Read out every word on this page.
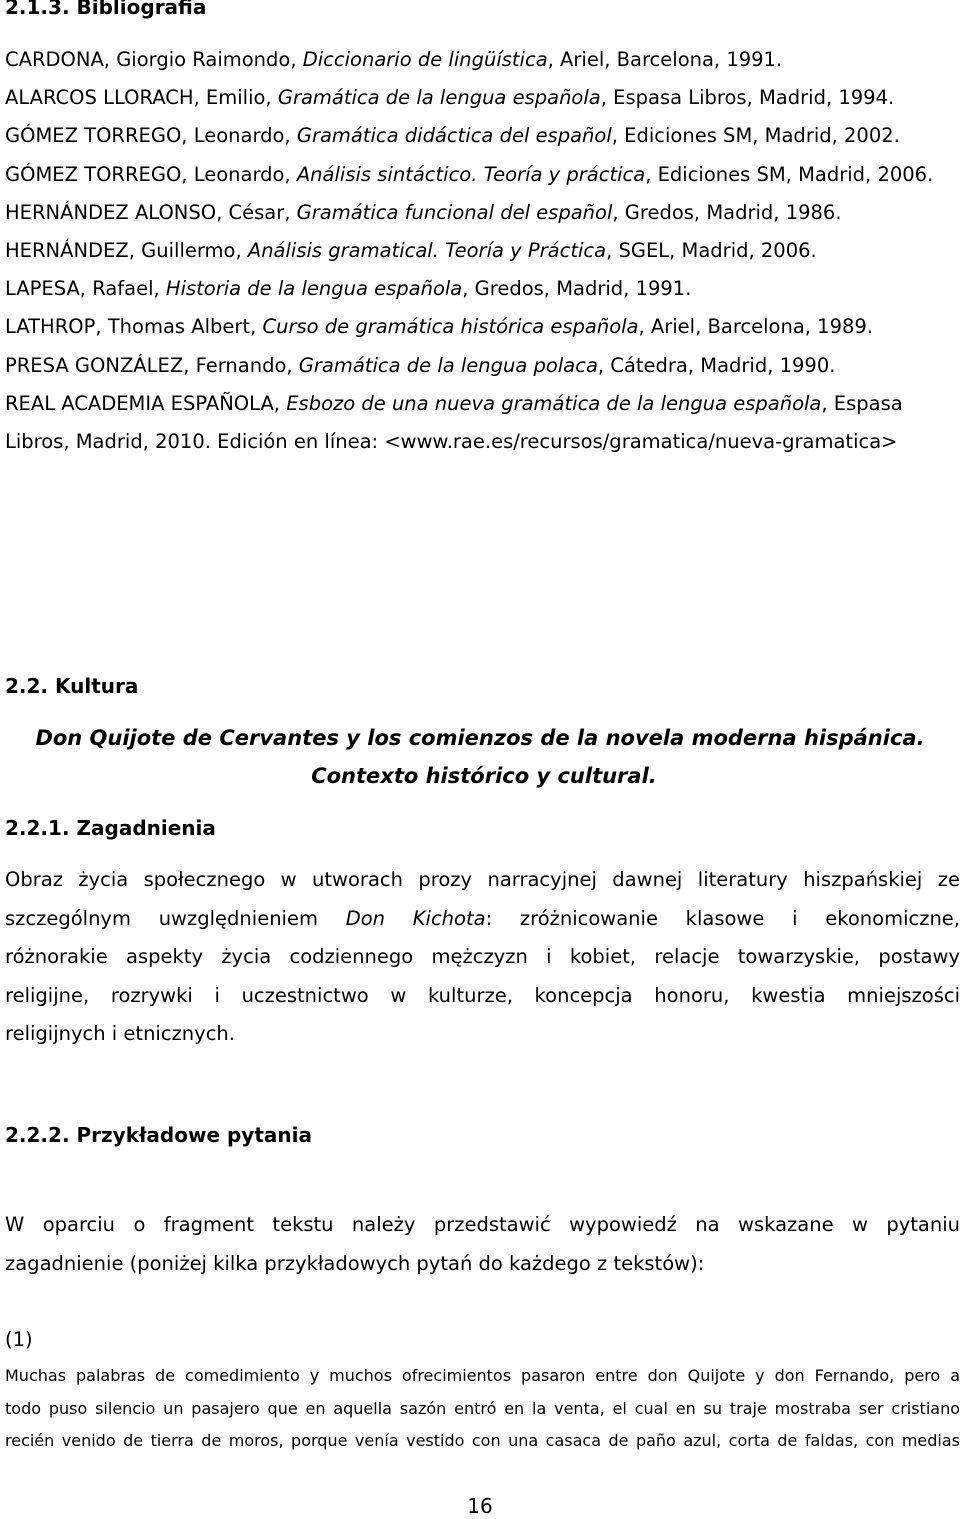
2.1.3. Bibliografia
CARDONA, Giorgio Raimondo, Diccionario de lingüística, Ariel, Barcelona, 1991.
ALARCOS LLORACH, Emilio, Gramática de la lengua española, Espasa Libros, Madrid, 1994.
GÓMEZ TORREGO, Leonardo, Gramática didáctica del español, Ediciones SM, Madrid, 2002.
GÓMEZ TORREGO, Leonardo, Análisis sintáctico. Teoría y práctica, Ediciones SM, Madrid, 2006.
HERNÁNDEZ ALONSO, César, Gramática funcional del español, Gredos, Madrid, 1986.
HERNÁNDEZ, Guillermo, Análisis gramatical. Teoría y Práctica, SGEL, Madrid, 2006.
LAPESA, Rafael, Historia de la lengua española, Gredos, Madrid, 1991.
LATHROP, Thomas Albert, Curso de gramática histórica española, Ariel, Barcelona, 1989.
PRESA GONZÁLEZ, Fernando, Gramática de la lengua polaca, Cátedra, Madrid, 1990.
REAL ACADEMIA ESPAÑOLA, Esbozo de una nueva gramática de la lengua española, Espasa Libros, Madrid, 2010. Edición en línea: <www.rae.es/recursos/gramatica/nueva-gramatica>
2.2. Kultura
Don Quijote de Cervantes y los comienzos de la novela moderna hispánica.
Contexto histórico y cultural.
2.2.1. Zagadnienia
Obraz życia społecznego w utworach prozy narracyjnej dawnej literatury hiszpańskiej ze
szczególnym uwzględnieniem Don Kichota: zróżnicowanie klasowe i ekonomiczne,
różnorakie aspekty życia codziennego mężczyzn i kobiet, relacje towarzyskie, postawy
religijne, rozrywki i uczestnictwo w kulturze, koncepcja honoru, kwestia mniejszości
religijnych i etnicznych.
2.2.2. Przykładowe pytania
W oparciu o fragment tekstu należy przedstawić wypowiedź na wskazane w pytaniu
zagadnienie (poniżej kilka przykładowych pytań do każdego z tekstów):
(1)
Muchas palabras de comedimiento y muchos ofrecimientos pasaron entre don Quijote y don Fernando, pero a
todo puso silencio un pasajero que en aquella sazón entró en la venta, el cual en su traje mostraba ser cristiano
recién venido de tierra de moros, porque venía vestido con una casaca de paño azul, corta de faldas, con medias
16
